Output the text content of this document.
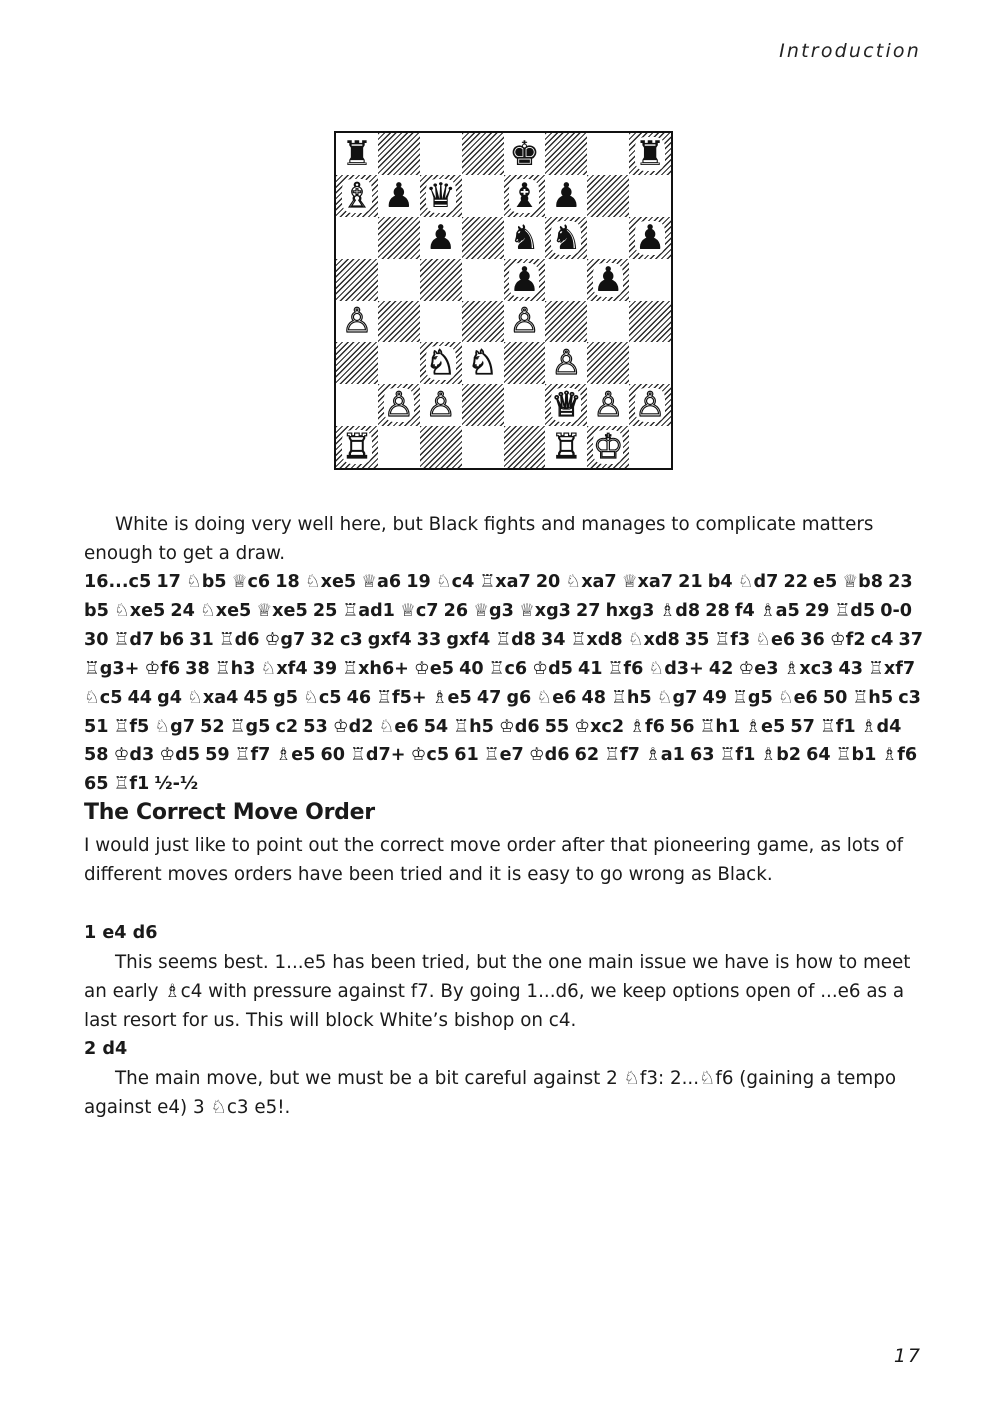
Introduction
♜	♚	♜
♗ ♟ ♛ ♝ ♟
♟ ♞ ♞ ♟
♟ ♟
♙	♙
♘ ♘ ♙
♙ ♙	♕ ♙ ♙
♖	♖ ♔

White is doing very well here, but Black fights and manages to complicate matters enough to get a draw.

16...c5 17 ♘b5 ♕c6 18 ♘xe5 ♕a6 19 ♘c4 ♖xa7 20 ♘xa7 ♕xa7 21 b4 ♘d7 22 e5 ♕b8 23 b5 ♘xe5 24 ♘xe5 ♕xe5 25 ♖ad1 ♕c7 26 ♕g3 ♕xg3 27 hxg3 ♗d8 28 f4 ♗a5 29 ♖d5 0-0 30 ♖d7 b6 31 ♖d6 ♔g7 32 c3 gxf4 33 gxf4 ♖d8 34 ♖xd8 ♘xd8 35 ♖f3 ♘e6 36 ♔f2 c4 37 ♖g3+ ♔f6 38 ♖h3 ♘xf4 39 ♖xh6+ ♔e5 40 ♖c6 ♔d5 41 ♖f6 ♘d3+ 42 ♔e3 ♗xc3 43 ♖xf7 ♘c5 44 g4 ♘xa4 45 g5 ♘c5 46 ♖f5+ ♗e5 47 g6 ♘e6 48 ♖h5 ♘g7 49 ♖g5 ♘e6 50 ♖h5 c3 51 ♖f5 ♘g7 52 ♖g5 c2 53 ♔d2 ♘e6 54 ♖h5 ♔d6 55 ♔xc2 ♗f6 56 ♖h1 ♗e5 57 ♖f1 ♗d4 58 ♔d3 ♔d5 59 ♖f7 ♗e5 60 ♖d7+ ♔c5 61 ♖e7 ♔d6 62 ♖f7 ♗a1 63 ♖f1 ♗b2 64 ♖b1 ♗f6 65 ♖f1 ½-½

The Correct Move Order

I would just like to point out the correct move order after that pioneering game, as lots of different moves orders have been tried and it is easy to go wrong as Black.

1 e4 d6

This seems best. 1...e5 has been tried, but the one main issue we have is how to meet an early ♗c4 with pressure against f7. By going 1...d6, we keep options open of ...e6 as a last resort for us. This will block White’s bishop on c4.

2 d4

The main move, but we must be a bit careful against 2 ♘f3: 2...♘f6 (gaining a tempo against e4) 3 ♘c3 e5!.

17
